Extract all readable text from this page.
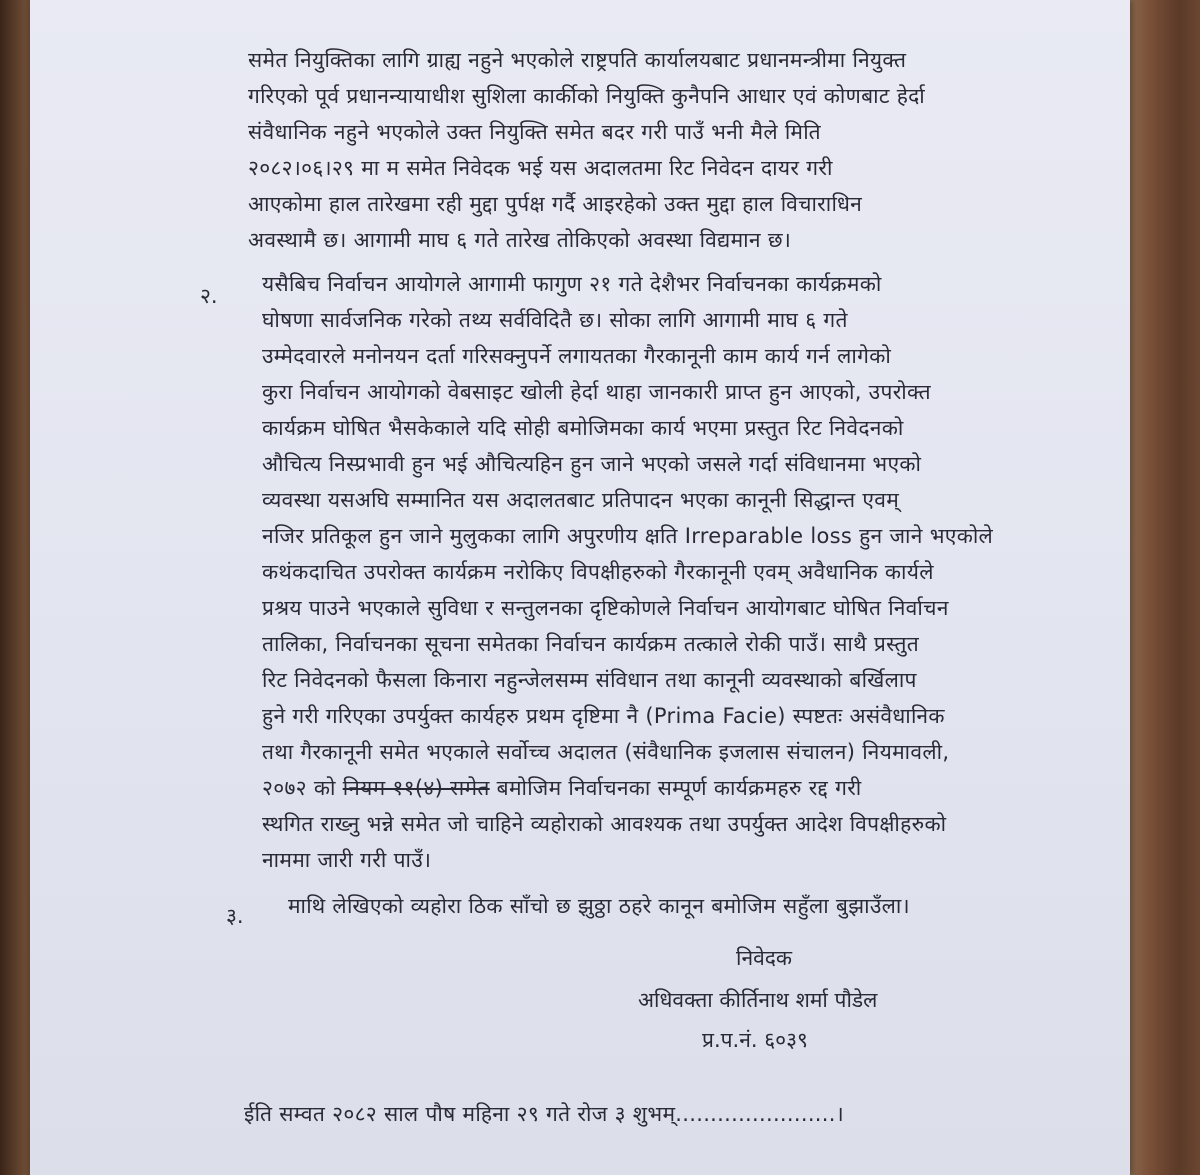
समेत नियुक्तिका लागि ग्राह्य नहुने भएकोले राष्ट्रपति कार्यालयबाट प्रधानमन्त्रीमा नियुक्त
गरिएको पूर्व प्रधानन्यायाधीश सुशिला कार्कीको नियुक्ति कुनैपनि आधार एवं कोणबाट हेर्दा
संवैधानिक नहुने भएकोले उक्त नियुक्ति समेत बदर गरी पाउँ भनी मैले मिति
२०८२।०६।२९ मा म समेत निवेदक भई यस अदालतमा रिट निवेदन दायर गरी
आएकोमा हाल तारेखमा रही मुद्दा पुर्पक्ष गर्दै आइरहेको उक्त मुद्दा हाल विचाराधिन
अवस्थामै छ। आगामी माघ ६ गते तारेख तोकिएको अवस्था विद्यमान छ।
२. यसैबिच निर्वाचन आयोगले आगामी फागुण २१ गते देशैभर निर्वाचनका कार्यक्रमको
घोषणा सार्वजनिक गरेको तथ्य सर्वविदितै छ। सोका लागि आगामी माघ ६ गते
उम्मेदवारले मनोनयन दर्ता गरिसक्नुपर्ने लगायतका गैरकानूनी काम कार्य गर्न लागेको
कुरा निर्वाचन आयोगको वेबसाइट खोली हेर्दा थाहा जानकारी प्राप्त हुन आएको, उपरोक्त
कार्यक्रम घोषित भैसकेकाले यदि सोही बमोजिमका कार्य भएमा प्रस्तुत रिट निवेदनको
औचित्य निस्प्रभावी हुन भई औचित्यहिन हुन जाने भएको जसले गर्दा संविधानमा भएको
व्यवस्था यसअघि सम्मानित यस अदालतबाट प्रतिपादन भएका कानूनी सिद्धान्त एवम्
नजिर प्रतिकूल हुन जाने मुलुकका लागि अपुरणीय क्षति Irreparable loss हुन जाने भएकोले
कथंकदाचित उपरोक्त कार्यक्रम नरोकिए विपक्षीहरुको गैरकानूनी एवम् अवैधानिक कार्यले
प्रश्रय पाउने भएकाले सुविधा र सन्तुलनका दृष्टिकोणले निर्वाचन आयोगबाट घोषित निर्वाचन
तालिका, निर्वाचनका सूचना समेतका निर्वाचन कार्यक्रम तत्काले रोकी पाउँ। साथै प्रस्तुत
रिट निवेदनको फैसला किनारा नहुन्जेलसम्म संविधान तथा कानूनी व्यवस्थाको बर्खिलाप
हुने गरी गरिएका उपर्युक्त कार्यहरु प्रथम दृष्टिमा नै (Prima Facie) स्पष्टतः असंवैधानिक
तथा गैरकानूनी समेत भएकाले सर्वोच्च अदालत (संवैधानिक इजलास संचालन) नियमावली,
२०७२ को नियम ११(४) समेत बमोजिम निर्वाचनका सम्पूर्ण कार्यक्रमहरु रद्द गरी
स्थगित राख्नु भन्ने समेत जो चाहिने व्यहोराको आवश्यक तथा उपर्युक्त आदेश विपक्षीहरुको
नाममा जारी गरी पाउँ।
३. माथि लेखिएको व्यहोरा ठिक साँचो छ झुठ्ठा ठहरे कानून बमोजिम सहुँला बुझाउँला।
निवेदक
अधिवक्ता कीर्तिनाथ शर्मा पौडेल
प्र.प.नं. ६०३९
ईति सम्वत २०८२ साल पौष महिना २९ गते रोज ३ शुभम्.......................।
